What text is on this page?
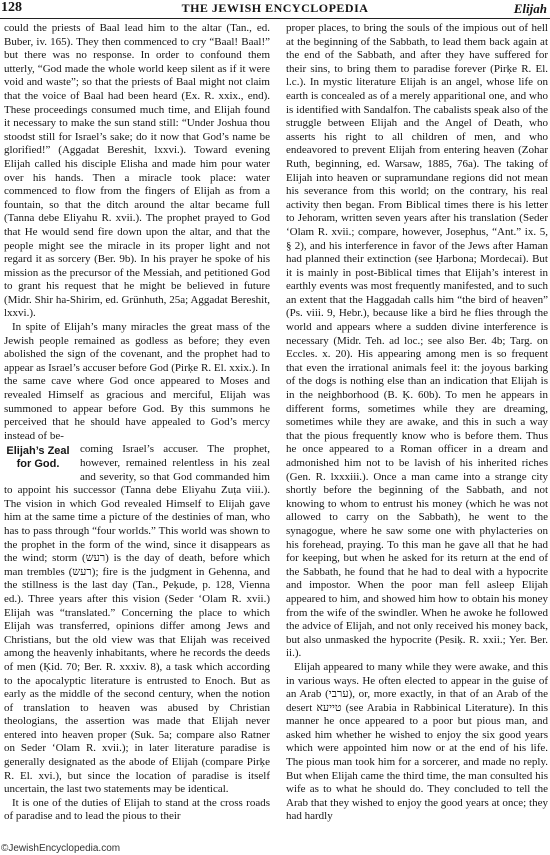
128	THE JEWISH ENCYCLOPEDIA	Elijah

could the priests of Baal lead him to the altar (Tan., ed. Buber, iv. 165). They then commenced to cry “Baal! Baal!” but there was no response. In order to confound them utterly, “God made the whole world keep silent as if it were void and waste”; so that the priests of Baal might not claim that the voice of Baal had been heard (Ex. R. xxix., end). These proceedings consumed much time, and Elijah found it necessary to make the sun stand still: “Under Joshua thou stoodst still for Israel’s sake; do it now that God’s name be glorified!” (Aggadat Bereshit, lxxvi.). Toward evening Elijah called his disciple Elisha and made him pour water over his hands. Then a miracle took place: water commenced to flow from the fingers of Elijah as from a fountain, so that the ditch around the altar became full (Tanna debe Eliyahu R. xvii.). The prophet prayed to God that He would send fire down upon the altar, and that the people might see the miracle in its proper light and not regard it as sorcery (Ber. 9b). In his prayer he spoke of his mission as the precursor of the Messiah, and petitioned God to grant his request that he might be believed in future (Midr. Shir ha-Shirim, ed. Grünhuth, 25a; Aggadat Bereshit, lxxvi.).

In spite of Elijah’s many miracles the great mass of the Jewish people remained as godless as before; they even abolished the sign of the covenant, and the prophet had to appear as Israel’s accuser before God (Pirḳe R. El. xxix.). In the same cave where God once appeared to Moses and revealed Himself as gracious and merciful, Elijah was summoned to appear before God. By this summons he perceived that he should have appealed to God’s mercy instead of be-

Elijah’s Zeal for God.

coming Israel’s accuser. The prophet, however, remained relentless in his zeal and severity, so that God commanded him to appoint his successor (Tanna debe Eliyahu Zuṭa viii.). The vision in which God revealed Himself to Elijah gave him at the same time a picture of the destinies of man, who has to pass through “four worlds.” This world was shown to the prophet in the form of the wind, since it disappears as the wind; storm (רעש) is the day of death, before which man trembles (רעש); fire is the judgment in Gehenna, and the stillness is the last day (Tan., Peḳude, p. 128, Vienna ed.). Three years after this vision (Seder ‘Olam R. xvii.) Elijah was “translated.” Concerning the place to which Elijah was transferred, opinions differ among Jews and Christians, but the old view was that Elijah was received among the heavenly inhabitants, where he records the deeds of men (Ḳid. 70; Ber. R. xxxiv. 8), a task which according to the apocalyptic literature is entrusted to Enoch. But as early as the middle of the second century, when the notion of translation to heaven was abused by Christian theologians, the assertion was made that Elijah never entered into heaven proper (Suk. 5a; compare also Ratner on Seder ‘Olam R. xvii.); in later literature paradise is generally designated as the abode of Elijah (compare Pirḳe R. El. xvi.), but since the location of paradise is itself uncertain, the last two statements may be identical.

It is one of the duties of Elijah to stand at the cross roads of paradise and to lead the pious to their

proper places, to bring the souls of the impious out of hell at the beginning of the Sabbath, to lead them back again at the end of the Sabbath, and after they have suffered for their sins, to bring them to paradise forever (Pirḳe R. El. l.c.). In mystic literature Elijah is an angel, whose life on earth is concealed as of a merely apparitional one, and who is identified with Sandalfon. The cabalists speak also of the struggle between Elijah and the Angel of Death, who asserts his right to all children of men, and who endeavored to prevent Elijah from entering heaven (Zohar Ruth, beginning, ed. Warsaw, 1885, 76a). The taking of Elijah into heaven or supramundane regions did not mean his severance from this world; on the contrary, his real activity then began. From Biblical times there is his letter to Jehoram, written seven years after his translation (Seder ‘Olam R. xvii.; compare, however, Josephus, “Ant.” ix. 5, § 2), and his interference in favor of the Jews after Haman had planned their extinction (see Ḥarbona; Mordecai). But it is mainly in post-Biblical times that Elijah’s interest in earthly events was most frequently manifested, and to such an extent that the Haggadah calls him “the bird of heaven” (Ps. viii. 9, Hebr.), because like a bird he flies through the world and appears where a sudden divine interference is necessary (Midr. Teh. ad loc.; see also Ber. 4b; Targ. on Eccles. x. 20). His appearing among men is so frequent that even the irrational animals feel it: the joyous barking of the dogs is nothing else than an indication that Elijah is in the neighborhood (B. Ḳ. 60b). To men he appears in different forms, sometimes while they are dreaming, sometimes while they are awake, and this in such a way that the pious frequently know who is before them. Thus he once appeared to a Roman officer in a dream and admonished him not to be lavish of his inherited riches (Gen. R. lxxxiii.). Once a man came into a strange city shortly before the beginning of the Sabbath, and not knowing to whom to entrust his money (which he was not allowed to carry on the Sabbath), he went to the synagogue, where he saw some one with phylacteries on his forehead, praying. To this man he gave all that he had for keeping, but when he asked for its return at the end of the Sabbath, he found that he had to deal with a hypocrite and impostor. When the poor man fell asleep Elijah appeared to him, and showed him how to obtain his money from the wife of the swindler. When he awoke he followed the advice of Elijah, and not only received his money back, but also unmasked the hypocrite (Pesiḳ. R. xxii.; Yer. Ber. ii.).

Elijah appeared to many while they were awake, and this in various ways. He often elected to appear in the guise of an Arab (ערבי), or, more exactly, in that of an Arab of the desert טייעא (see Arabia in Rabbinical Literature). In this manner he once appeared to a poor but pious man, and asked him whether he wished to enjoy the six good years which were appointed him now or at the end of his life. The pious man took him for a sorcerer, and made no reply. But when Elijah came the third time, the man consulted his wife as to what he should do. They concluded to tell the Arab that they wished to enjoy the good years at once; they had hardly

©JewishEncyclopedia.com
